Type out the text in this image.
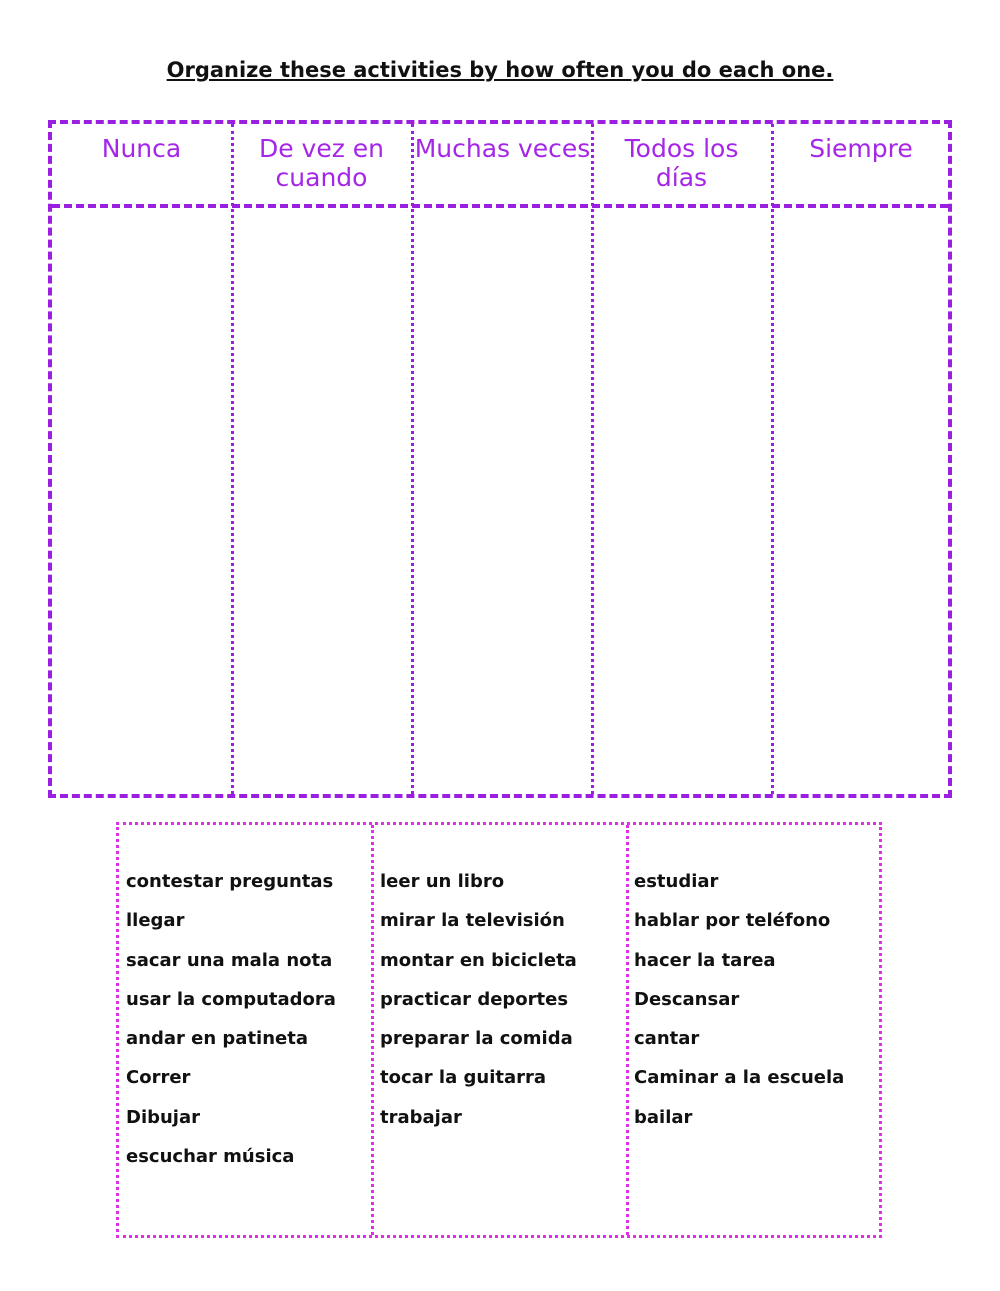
Organize these activities by how often you do each one.
Nunca	De vez en cuando
Muchas veces	Todos los días
Siempre
contestar preguntas
llegar
sacar una mala nota
usar la computadora
andar en patineta
Correr
Dibujar
escuchar música
leer un libro
mirar la televisión
montar en bicicleta
practicar deportes
preparar la comida
tocar la guitarra
trabajar
estudiar
hablar por teléfono
hacer la tarea
Descansar
cantar
Caminar a la escuela
bailar
